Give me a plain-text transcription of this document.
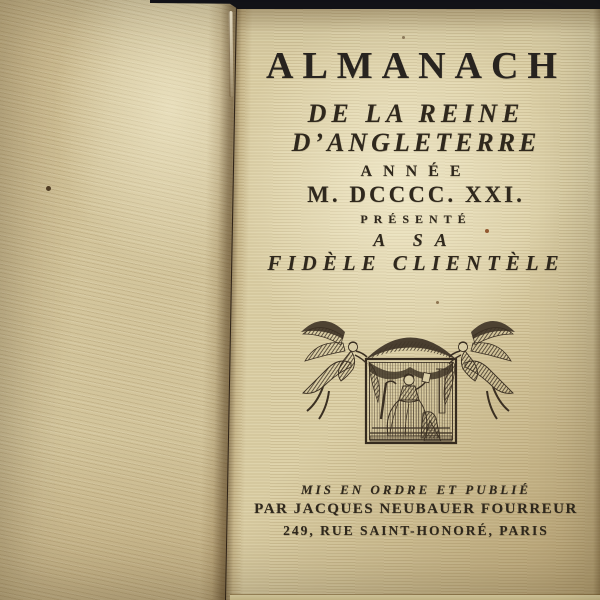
ALMANACH
DE LA REINE
D’ANGLETERRE
ANNÉE
M. DCCCC. XXI.
PRÉSENTÉ
A SA
FIDÈLE CLIENTÈLE
MIS EN ORDRE ET PUBLIÉ
PAR JACQUES NEUBAUER FOURREUR
249, RUE SAINT-HONORÉ, PARIS
